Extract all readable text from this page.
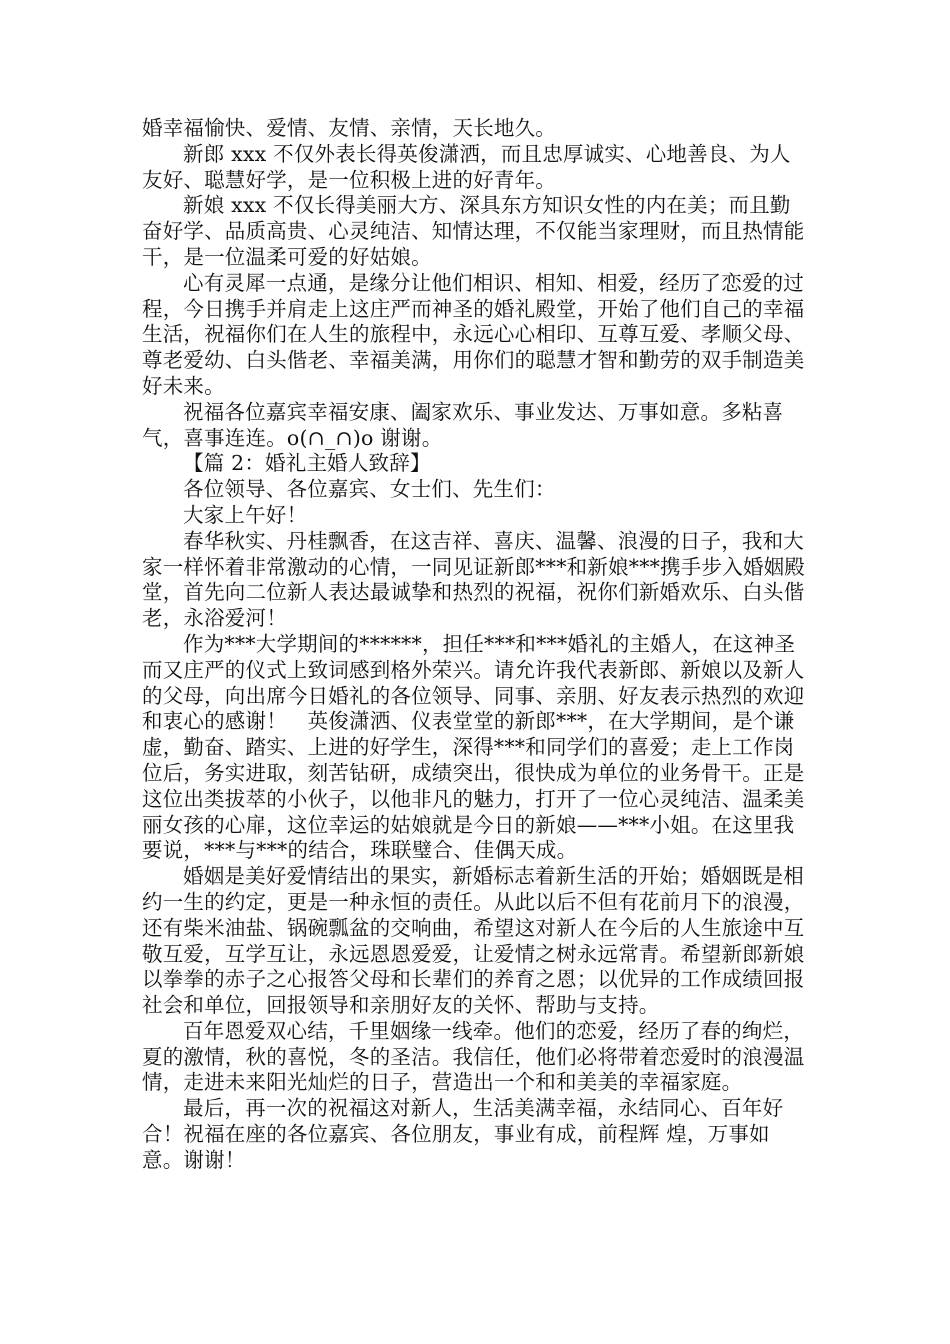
婚幸福愉快、爱情、友情、亲情，天长地久。

新郎 xxx 不仅外表长得英俊潇洒，而且忠厚诚实、心地善良、为人友好、聪慧好学，是一位积极上进的好青年。

新娘 xxx 不仅长得美丽大方、深具东方知识女性的内在美；而且勤奋好学、品质高贵、心灵纯洁、知情达理，不仅能当家理财，而且热情能干，是一位温柔可爱的好姑娘。

心有灵犀一点通，是缘分让他们相识、相知、相爱，经历了恋爱的过程，今日携手并肩走上这庄严而神圣的婚礼殿堂，开始了他们自己的幸福生活，祝福你们在人生的旅程中，永远心心相印、互尊互爱、孝顺父母、尊老爱幼、白头偕老、幸福美满，用你们的聪慧才智和勤劳的双手制造美好未来。

祝福各位嘉宾幸福安康、阖家欢乐、事业发达、万事如意。多粘喜气，喜事连连。o(∩_∩)o 谢谢。

【篇 2：婚礼主婚人致辞】

各位领导、各位嘉宾、女士们、先生们：

大家上午好！

春华秋实、丹桂飘香，在这吉祥、喜庆、温馨、浪漫的日子，我和大家一样怀着非常激动的心情，一同见证新郎***和新娘***携手步入婚姻殿堂，首先向二位新人表达最诚挚和热烈的祝福，祝你们新婚欢乐、白头偕老，永浴爱河！

作为***大学期间的******，担任***和***婚礼的主婚人，在这神圣而又庄严的仪式上致词感到格外荣兴。请允许我代表新郎、新娘以及新人的父母，向出席今日婚礼的各位领导、同事、亲朋、好友表示热烈的欢迎和衷心的感谢！　英俊潇洒、仪表堂堂的新郎***，在大学期间，是个谦虚，勤奋、踏实、上进的好学生，深得***和同学们的喜爱；走上工作岗位后，务实进取，刻苦钻研，成绩突出，很快成为单位的业务骨干。正是这位出类拔萃的小伙子，以他非凡的魅力，打开了一位心灵纯洁、温柔美丽女孩的心扉，这位幸运的姑娘就是今日的新娘——***小姐。在这里我要说，***与***的结合，珠联璧合、佳偶天成。

婚姻是美好爱情结出的果实，新婚标志着新生活的开始；婚姻既是相约一生的约定，更是一种永恒的责任。从此以后不但有花前月下的浪漫，还有柴米油盐、锅碗瓢盆的交响曲，希望这对新人在今后的人生旅途中互敬互爱，互学互让，永远恩恩爱爱，让爱情之树永远常青。希望新郎新娘以拳拳的赤子之心报答父母和长辈们的养育之恩；以优异的工作成绩回报社会和单位，回报领导和亲朋好友的关怀、帮助与支持。

百年恩爱双心结，千里姻缘一线牵。他们的恋爱，经历了春的绚烂，夏的激情，秋的喜悦，冬的圣洁。我信任，他们必将带着恋爱时的浪漫温情，走进未来阳光灿烂的日子，营造出一个和和美美的幸福家庭。

最后，再一次的祝福这对新人，生活美满幸福，永结同心、百年好合！祝福在座的各位嘉宾、各位朋友，事业有成，前程辉 煌，万事如意。谢谢！
